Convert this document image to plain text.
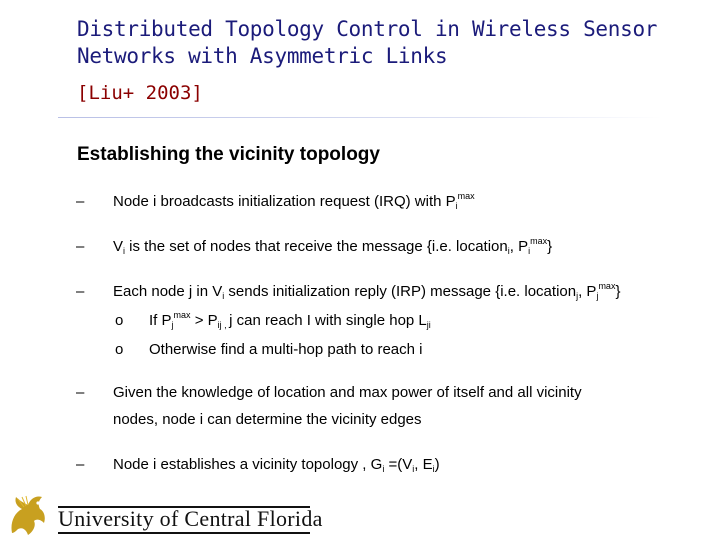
Distributed Topology Control in Wireless Sensor Networks with Asymmetric Links
[Liu+ 2003]
Establishing the vicinity topology
– Node i broadcasts initialization request (IRQ) with $P_i^{max}$
– $V_i$ is the set of nodes that receive the message {i.e. location$_i$, $P_i^{max}$}
– Each node j in $V_i$ sends initialization reply (IRP) message {i.e. location$_j$, $P_j^{max}$}
o If $P_j^{max} > P_{ij ,}$ j can reach I with single hop $L_{ji}$
o Otherwise find a multi-hop path to reach i
– Given the knowledge of location and max power of itself and all vicinity
nodes, node i can determine the vicinity edges
– Node i establishes a vicinity topology , $G_i =(V_i$, $E_i$)
University of Central Florida
